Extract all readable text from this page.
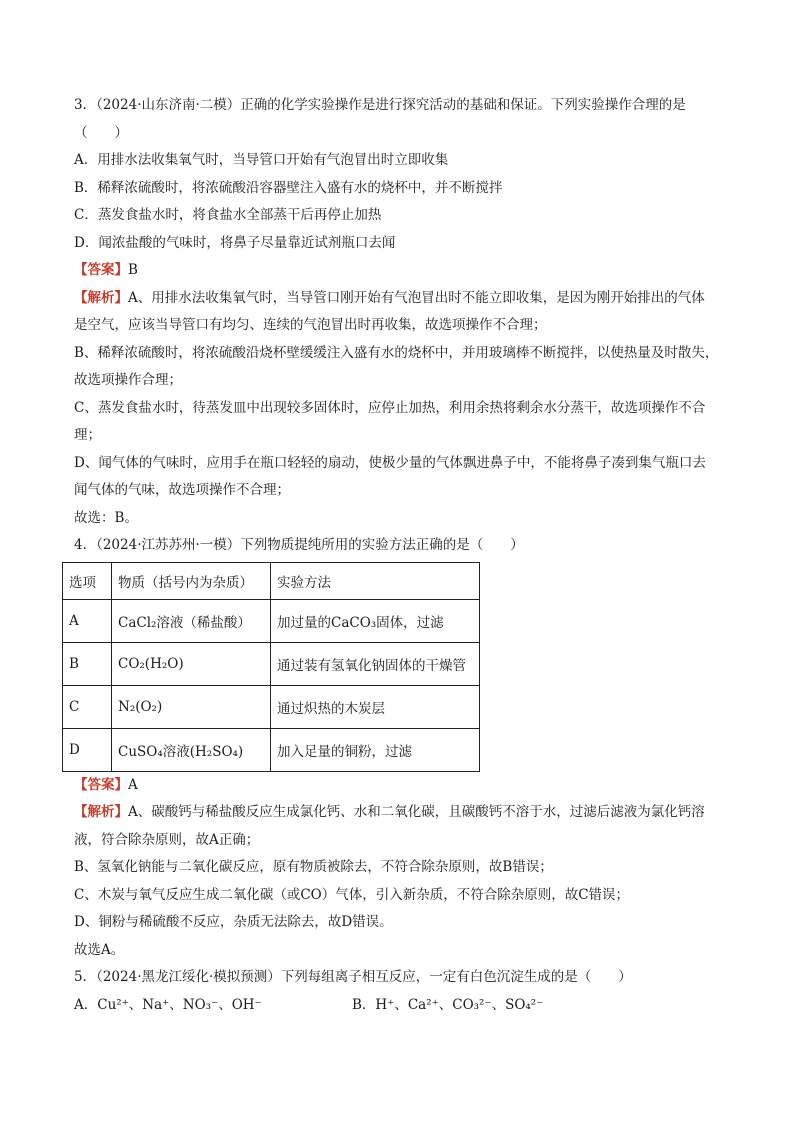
3．（2024·山东济南·二模）正确的化学实验操作是进行探究活动的基础和保证。下列实验操作合理的是
（　　）
A．用排水法收集氧气时，当导管口开始有气泡冒出时立即收集
B．稀释浓硫酸时，将浓硫酸沿容器壁注入盛有水的烧杯中，并不断搅拌
C．蒸发食盐水时，将食盐水全部蒸干后再停止加热
D．闻浓盐酸的气味时，将鼻子尽量靠近试剂瓶口去闻
【答案】B
【解析】A、用排水法收集氧气时，当导管口刚开始有气泡冒出时不能立即收集，是因为刚开始排出的气体
是空气，应该当导管口有均匀、连续的气泡冒出时再收集，故选项操作不合理；
B、稀释浓硫酸时，将浓硫酸沿烧杯壁缓缓注入盛有水的烧杯中，并用玻璃棒不断搅拌，以使热量及时散失，
故选项操作合理；
C、蒸发食盐水时，待蒸发皿中出现较多固体时，应停止加热，利用余热将剩余水分蒸干，故选项操作不合
理；
D、闻气体的气味时，应用手在瓶口轻轻的扇动，使极少量的气体飘进鼻子中，不能将鼻子凑到集气瓶口去
闻气体的气味，故选项操作不合理；
故选：B。
4．（2024·江苏苏州·一模）下列物质提纯所用的实验方法正确的是（　　）
选项	物质（括号内为杂质）	实验方法
A	CaCl₂溶液（稀盐酸）	加过量的CaCO₃固体，过滤
B	CO₂(H₂O)	通过装有氢氧化钠固体的干燥管
C	N₂(O₂)	通过炽热的木炭层
D	CuSO₄溶液(H₂SO₄)	加入足量的铜粉，过滤
【答案】A
【解析】A、碳酸钙与稀盐酸反应生成氯化钙、水和二氧化碳，且碳酸钙不溶于水，过滤后滤液为氯化钙溶
液，符合除杂原则，故A正确；
B、氢氧化钠能与二氧化碳反应，原有物质被除去，不符合除杂原则，故B错误；
C、木炭与氧气反应生成二氧化碳（或CO）气体，引入新杂质，不符合除杂原则，故C错误；
D、铜粉与稀硫酸不反应，杂质无法除去，故D错误。
故选A。
5．（2024·黑龙江绥化·模拟预测）下列每组离子相互反应，一定有白色沉淀生成的是（　　）
A．Cu²⁺、Na⁺、NO₃⁻、OH⁻	B．H⁺、Ca²⁺、CO₃²⁻、SO₄²⁻
